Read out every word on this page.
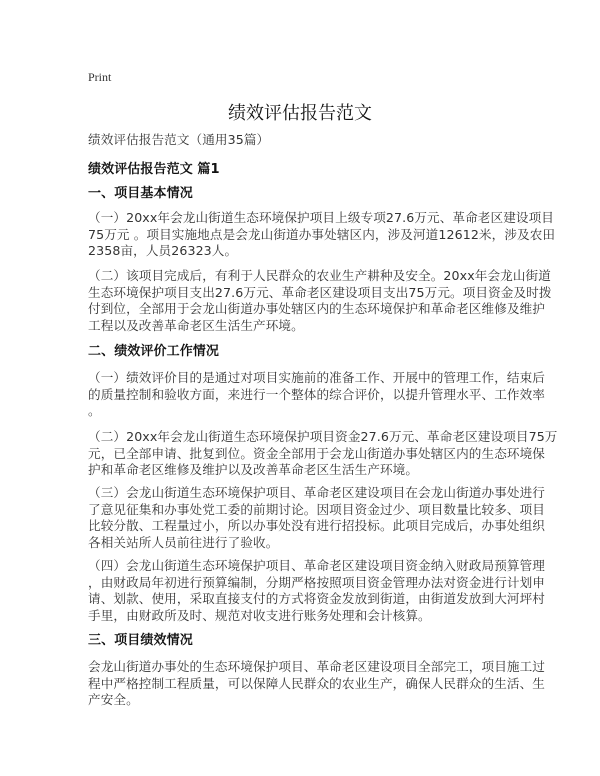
Print
绩效评估报告范文
绩效评估报告范文（通用35篇）
绩效评估报告范文 篇1
一、项目基本情况
（一）20xx年会龙山街道生态环境保护项目上级专项27.6万元、革命老区建设项目
75万元 。项目实施地点是会龙山街道办事处辖区内，涉及河道12612米，涉及农田
2358亩，人员26323人。
（二）该项目完成后，有利于人民群众的农业生产耕种及安全。20xx年会龙山街道
生态环境保护项目支出27.6万元、革命老区建设项目支出75万元。项目资金及时拨
付到位，全部用于会龙山街道办事处辖区内的生态环境保护和革命老区维修及维护
工程以及改善革命老区生活生产环境。
二、绩效评价工作情况
（一）绩效评价目的是通过对项目实施前的准备工作、开展中的管理工作，结束后
的质量控制和验收方面，来进行一个整体的综合评价，以提升管理水平、工作效率
。
（二）20xx年会龙山街道生态环境保护项目资金27.6万元、革命老区建设项目75万
元，已全部申请、批复到位。资金全部用于会龙山街道办事处辖区内的生态环境保
护和革命老区维修及维护以及改善革命老区生活生产环境。
（三）会龙山街道生态环境保护项目、革命老区建设项目在会龙山街道办事处进行
了意见征集和办事处党工委的前期讨论。因项目资金过少、项目数量比较多、项目
比较分散、工程量过小，所以办事处没有进行招投标。此项目完成后，办事处组织
各相关站所人员前往进行了验收。
（四）会龙山街道生态环境保护项目、革命老区建设项目资金纳入财政局预算管理
，由财政局年初进行预算编制，分期严格按照项目资金管理办法对资金进行计划申
请、划款、使用，采取直接支付的方式将资金发放到街道，由街道发放到大河坪村
手里，由财政所及时、规范对收支进行账务处理和会计核算。
三、项目绩效情况
会龙山街道办事处的生态环境保护项目、革命老区建设项目全部完工，项目施工过
程中严格控制工程质量，可以保障人民群众的农业生产，确保人民群众的生活、生
产安全。
